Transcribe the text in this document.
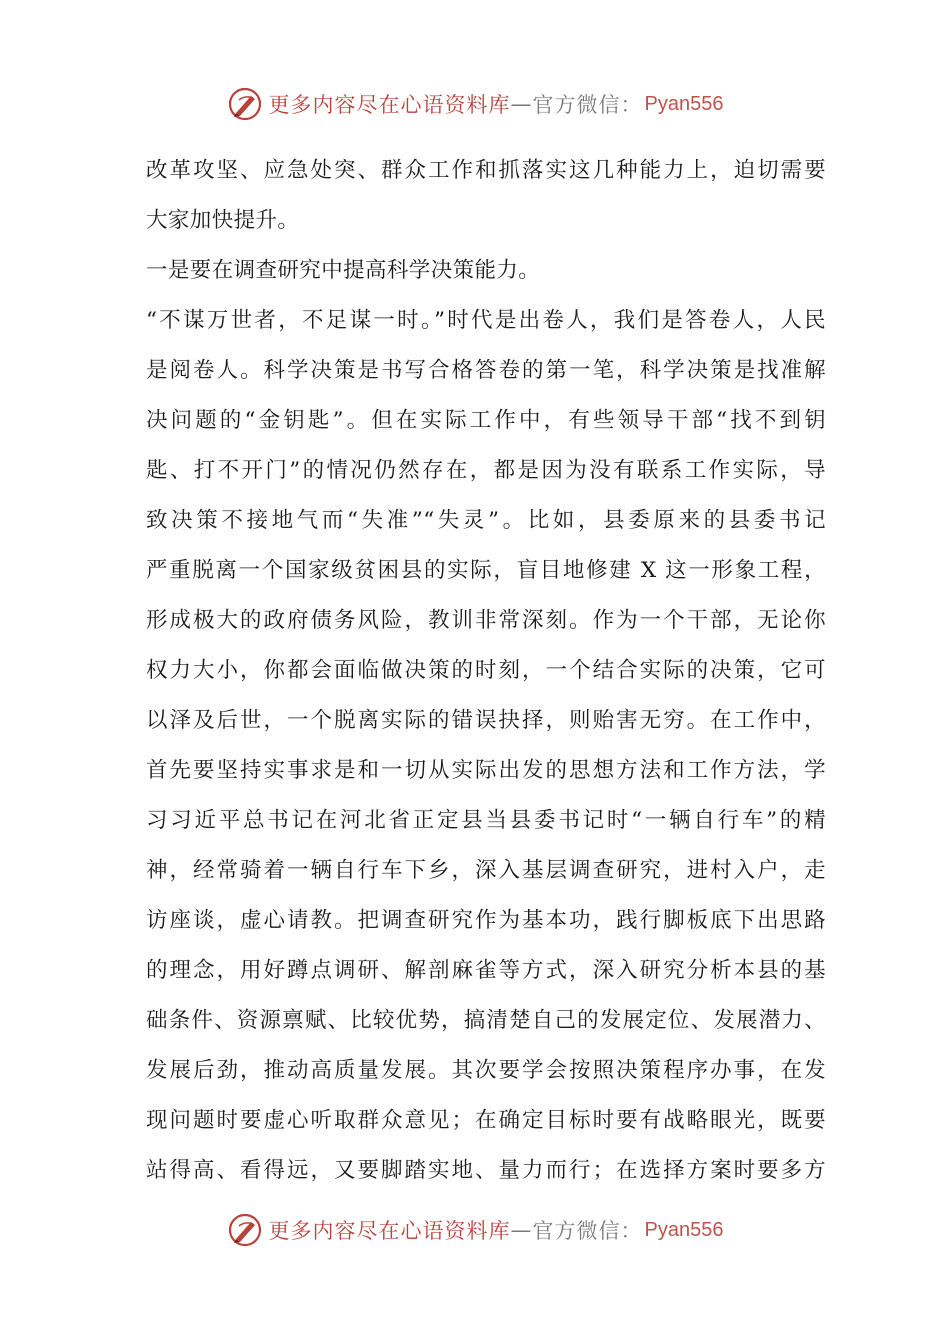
更多内容尽在心语资料库 — 官方微信： Pyan556
改革攻坚、应急处突、群众工作和抓落实这几种能力上，迫切需要
大家加快提升。
一是要在调查研究中提高科学决策能力。
“不谋万世者，不足谋一时。”时代是出卷人，我们是答卷人，人民
是阅卷人。科学决策是书写合格答卷的第一笔，科学决策是找准解
决问题的“金钥匙”。但在实际工作中，有些领导干部“找不到钥
匙、打不开门”的情况仍然存在，都是因为没有联系工作实际，导
致决策不接地气而“失准”“失灵”。比如，县委原来的县委书记
严重脱离一个国家级贫困县的实际，盲目地修建 X 这一形象工程，
形成极大的政府债务风险，教训非常深刻。作为一个干部，无论你
权力大小，你都会面临做决策的时刻，一个结合实际的决策，它可
以泽及后世，一个脱离实际的错误抉择，则贻害无穷。在工作中，
首先要坚持实事求是和一切从实际出发的思想方法和工作方法，学
习习近平总书记在河北省正定县当县委书记时“一辆自行车”的精
神，经常骑着一辆自行车下乡，深入基层调查研究，进村入户，走
访座谈，虚心请教。把调查研究作为基本功，践行脚板底下出思路
的理念，用好蹲点调研、解剖麻雀等方式，深入研究分析本县的基
础条件、资源禀赋、比较优势，搞清楚自己的发展定位、发展潜力、
发展后劲，推动高质量发展。其次要学会按照决策程序办事，在发
现问题时要虚心听取群众意见；在确定目标时要有战略眼光，既要
站得高、看得远，又要脚踏实地、量力而行；在选择方案时要多方
更多内容尽在心语资料库 — 官方微信： Pyan556
